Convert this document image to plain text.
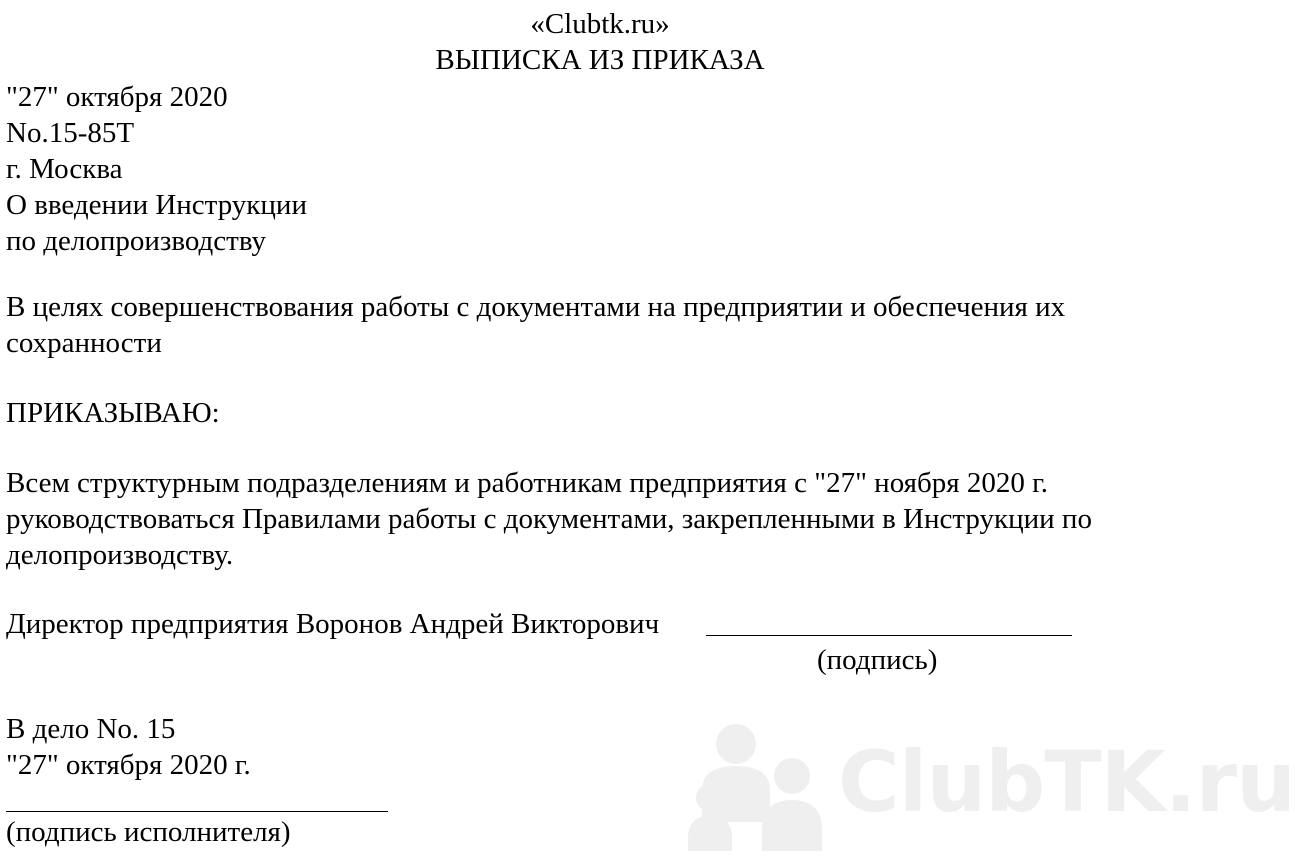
«Clubtk.ru»
ВЫПИСКА ИЗ ПРИКАЗА
"27" октября 2020
No.15-85T
г. Москва
О введении Инструкции
по делопроизводству
В целях совершенствования работы с документами на предприятии и обеспечения их
сохранности
ПРИКАЗЫВАЮ:
Всем структурным подразделениям и работникам предприятия с "27" ноября 2020 г.
руководствоваться Правилами работы с документами, закрепленными в Инструкции по
делопроизводству.
Директор предприятия Воронов Андрей Викторович
(подпись)
В дело No. 15
"27" октября 2020 г.
(подпись исполнителя)
ClubTK.ru
